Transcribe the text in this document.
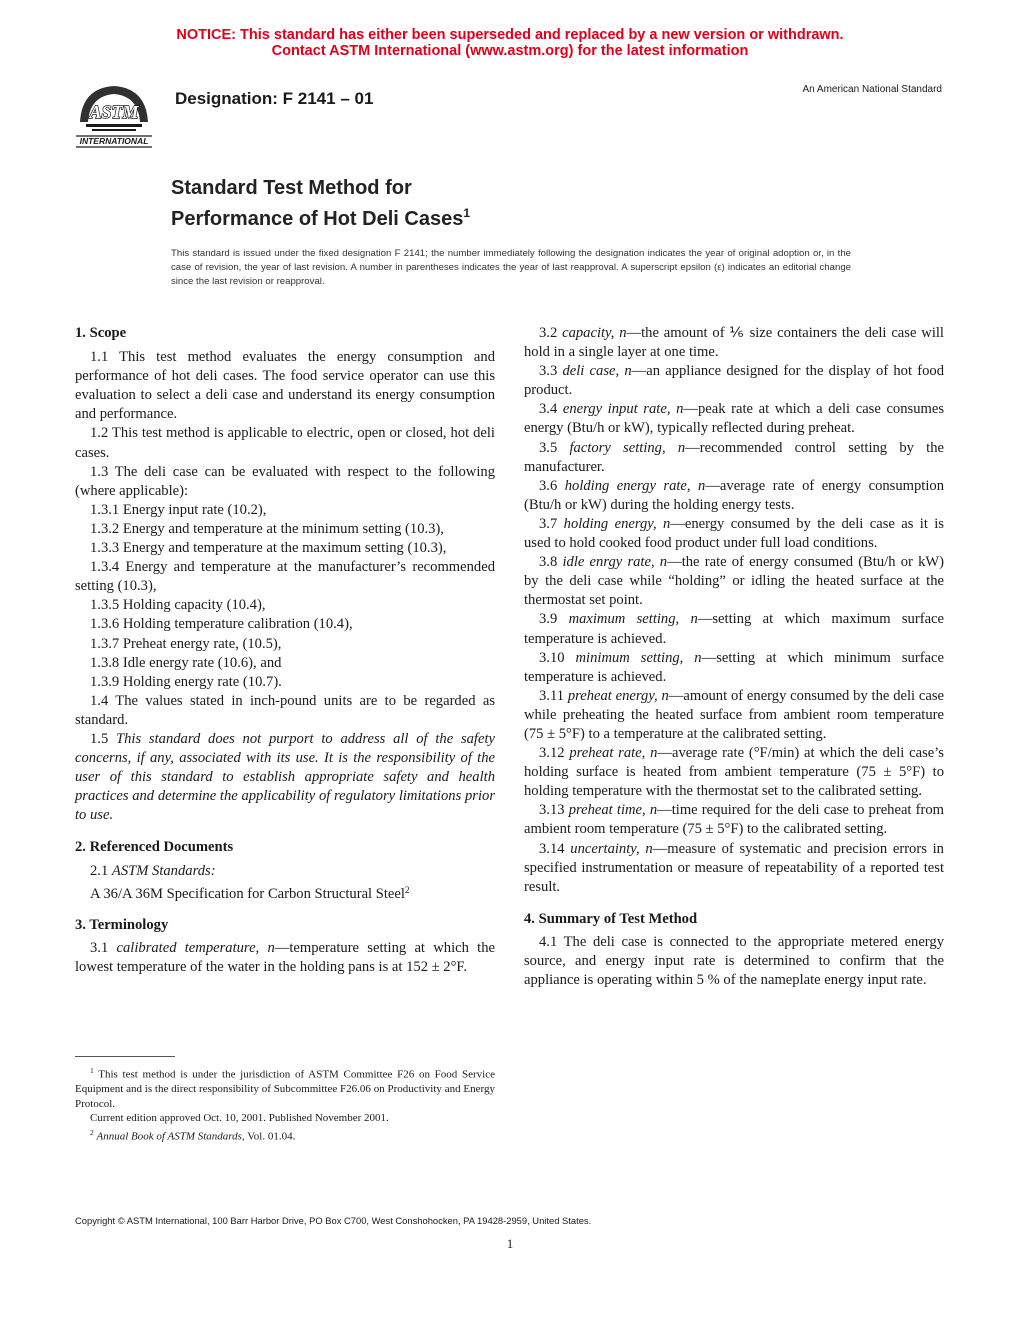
NOTICE: This standard has either been superseded and replaced by a new version or withdrawn.
Contact ASTM International (www.astm.org) for the latest information
ASTM
INTERNATIONAL
Designation: F 2141 – 01	An American National Standard
Standard Test Method for
Performance of Hot Deli Cases$^1$
This standard is issued under the fixed designation F 2141; the number immediately following the designation indicates the year of original adoption or, in the case of revision, the year of last revision. A number in parentheses indicates the year of last reapproval. A superscript epsilon (ε) indicates an editorial change since the last revision or reapproval.
1. Scope

1.1 This test method evaluates the energy consumption and performance of hot deli cases. The food service operator can use this evaluation to select a deli case and understand its energy consumption and performance.

1.2 This test method is applicable to electric, open or closed, hot deli cases.

1.3 The deli case can be evaluated with respect to the following (where applicable):

1.3.1 Energy input rate (10.2),

1.3.2 Energy and temperature at the minimum setting (10.3),

1.3.3 Energy and temperature at the maximum setting (10.3),

1.3.4 Energy and temperature at the manufacturer’s recommended setting (10.3),

1.3.5 Holding capacity (10.4),

1.3.6 Holding temperature calibration (10.4),

1.3.7 Preheat energy rate, (10.5),

1.3.8 Idle energy rate (10.6), and

1.3.9 Holding energy rate (10.7).

1.4 The values stated in inch-pound units are to be regarded as standard.

1.5 This standard does not purport to address all of the safety concerns, if any, associated with its use. It is the responsibility of the user of this standard to establish appropriate safety and health practices and determine the applicability of regulatory limitations prior to use.

2. Referenced Documents

2.1 ASTM Standards:

A 36/A 36M Specification for Carbon Structural Steel$^2$

3. Terminology

3.1 calibrated temperature, n—temperature setting at which the lowest temperature of the water in the holding pans is at 152 ± 2°F.

3.2 capacity, n—the amount of ⅙ size containers the deli case will hold in a single layer at one time.

3.3 deli case, n—an appliance designed for the display of hot food product.

3.4 energy input rate, n—peak rate at which a deli case consumes energy (Btu/h or kW), typically reflected during preheat.

3.5 factory setting, n—recommended control setting by the manufacturer.

3.6 holding energy rate, n—average rate of energy consumption (Btu/h or kW) during the holding energy tests.

3.7 holding energy, n—energy consumed by the deli case as it is used to hold cooked food product under full load conditions.

3.8 idle enrgy rate, n—the rate of energy consumed (Btu/h or kW) by the deli case while “holding” or idling the heated surface at the thermostat set point.

3.9 maximum setting, n—setting at which maximum surface temperature is achieved.

3.10 minimum setting, n—setting at which minimum surface temperature is achieved.

3.11 preheat energy, n—amount of energy consumed by the deli case while preheating the heated surface from ambient room temperature (75 ± 5°F) to a temperature at the calibrated setting.

3.12 preheat rate, n—average rate (°F/min) at which the deli case’s holding surface is heated from ambient temperature (75 ± 5°F) to holding temperature with the thermostat set to the calibrated setting.

3.13 preheat time, n—time required for the deli case to preheat from ambient room temperature (75 ± 5°F) to the calibrated setting.

3.14 uncertainty, n—measure of systematic and precision errors in specified instrumentation or measure of repeatability of a reported test result.

4. Summary of Test Method

4.1 The deli case is connected to the appropriate metered energy source, and energy input rate is determined to confirm that the appliance is operating within 5 % of the nameplate energy input rate.

$^1$ This test method is under the jurisdiction of ASTM Committee F26 on Food Service Equipment and is the direct responsibility of Subcommittee F26.06 on Productivity and Energy Protocol.

Current edition approved Oct. 10, 2001. Published November 2001.

$^2$ Annual Book of ASTM Standards, Vol. 01.04.

Copyright © ASTM International, 100 Barr Harbor Drive, PO Box C700, West Conshohocken, PA 19428-2959, United States.
1
